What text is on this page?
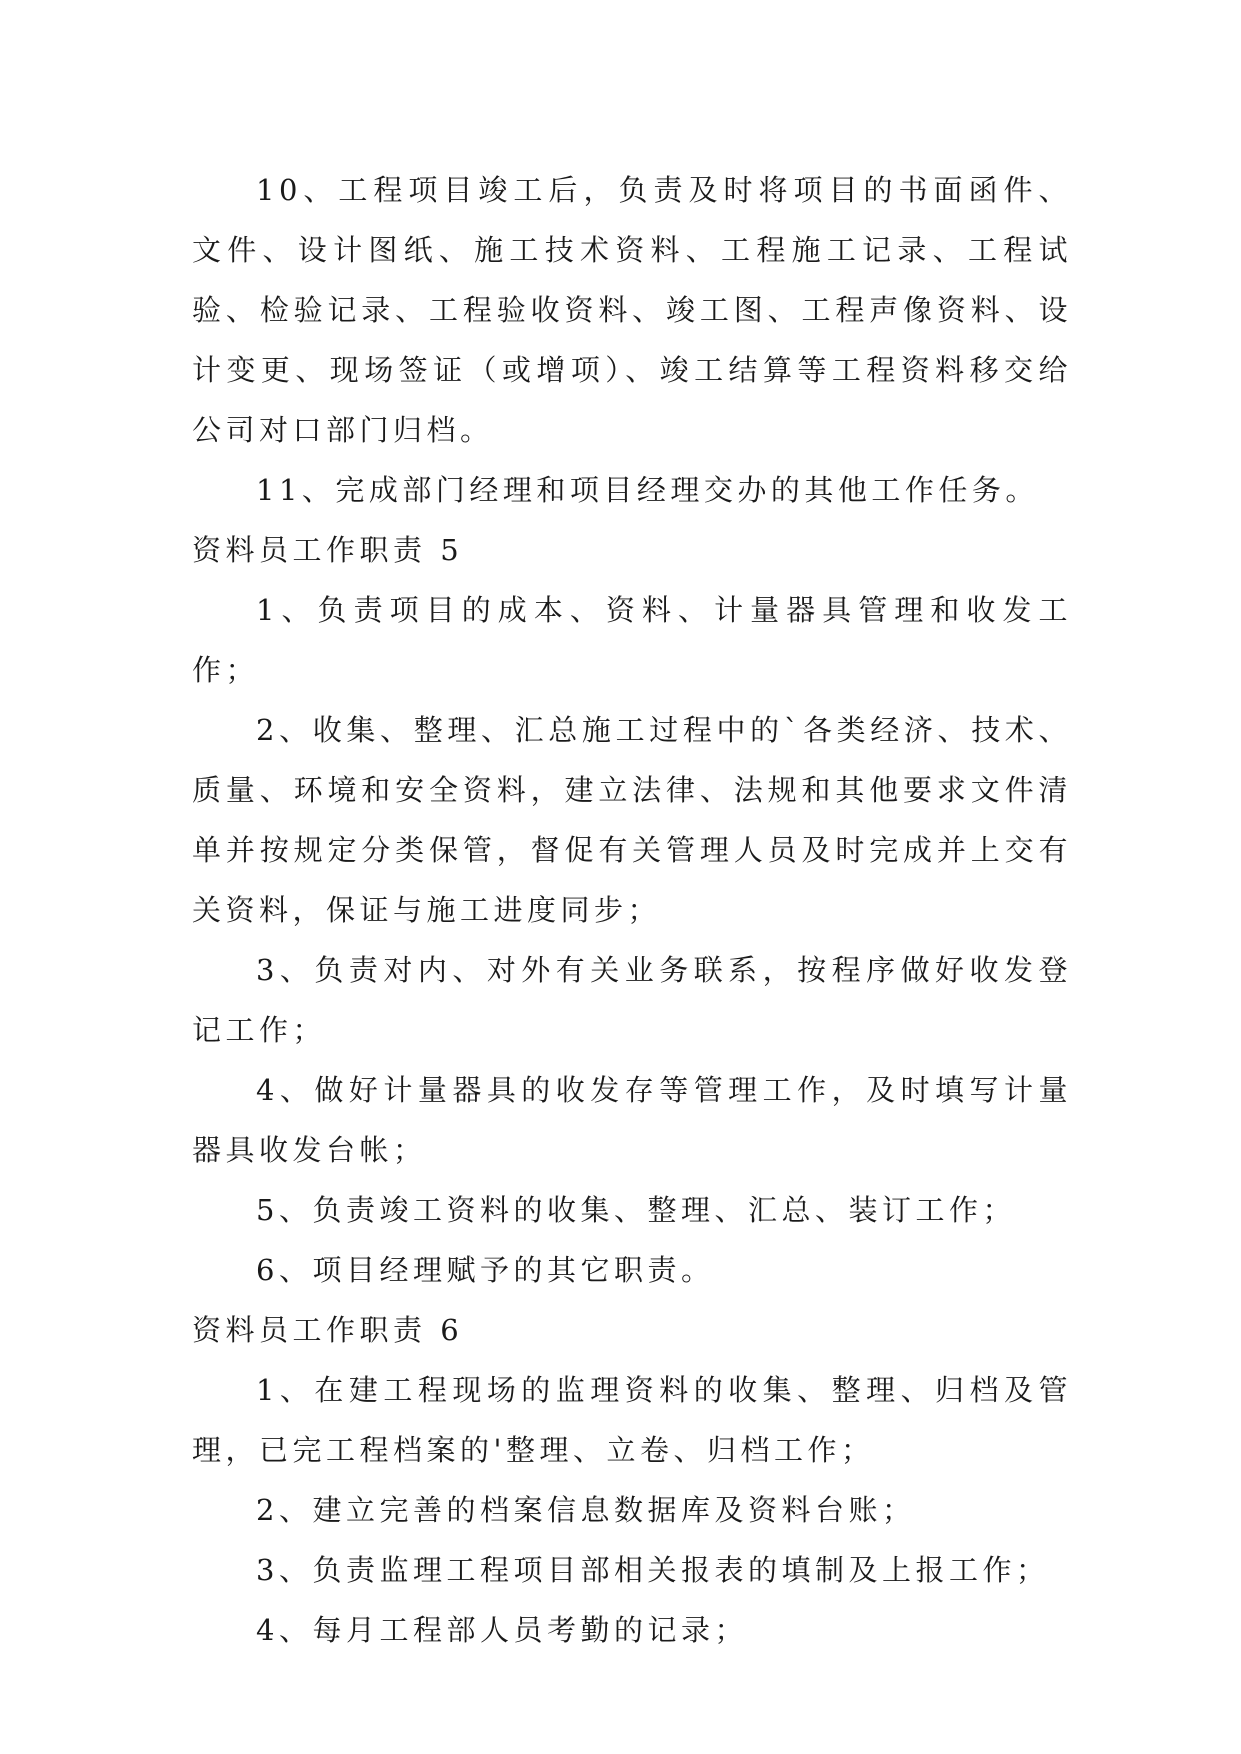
10、工程项目竣工后，负责及时将项目的书面函件、文件、设计图纸、施工技术资料、工程施工记录、工程试验、检验记录、工程验收资料、竣工图、工程声像资料、设计变更、现场签证（或增项）、竣工结算等工程资料移交给公司对口部门归档。

11、完成部门经理和项目经理交办的其他工作任务。

资料员工作职责 5

1、负责项目的成本、资料、计量器具管理和收发工作；

2、收集、整理、汇总施工过程中的`各类经济、技术、质量、环境和安全资料，建立法律、法规和其他要求文件清单并按规定分类保管，督促有关管理人员及时完成并上交有关资料，保证与施工进度同步；

3、负责对内、对外有关业务联系，按程序做好收发登记工作；

4、做好计量器具的收发存等管理工作，及时填写计量器具收发台帐；

5、负责竣工资料的收集、整理、汇总、装订工作；

6、项目经理赋予的其它职责。

资料员工作职责 6

1、在建工程现场的监理资料的收集、整理、归档及管理，已完工程档案的'整理、立卷、归档工作；

2、建立完善的档案信息数据库及资料台账；

3、负责监理工程项目部相关报表的填制及上报工作；

4、每月工程部人员考勤的记录；
